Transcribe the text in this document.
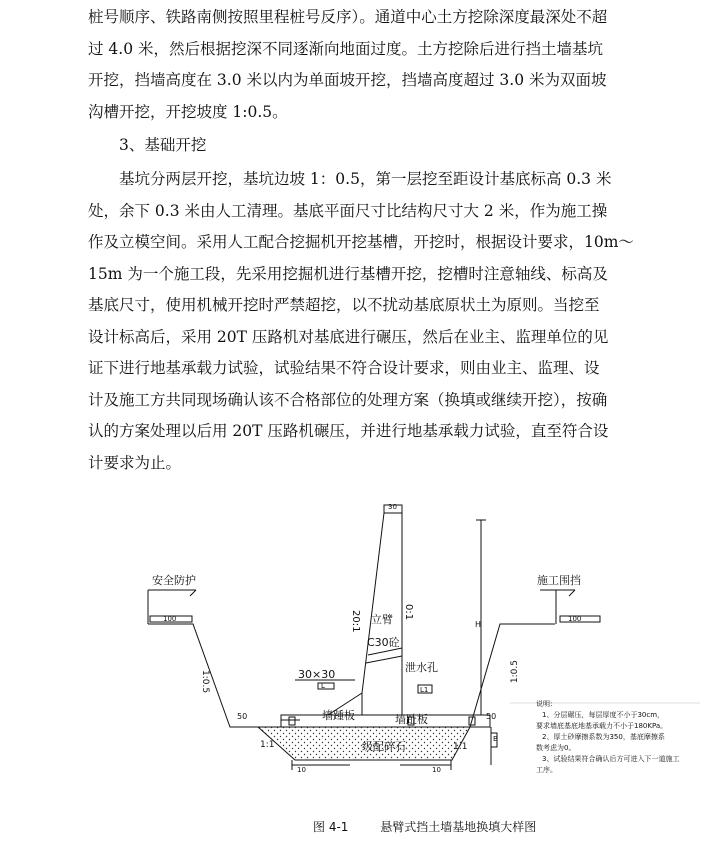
桩号顺序、铁路南侧按照里程桩号反序）。通道中心土方挖除深度最深处不超
过 4.0 米，然后根据挖深不同逐渐向地面过度。土方挖除后进行挡土墙基坑
开挖，挡墙高度在 3.0 米以内为单面坡开挖，挡墙高度超过 3.0 米为双面坡
沟槽开挖，开挖坡度 1:0.5。
3、基础开挖
　　基坑分两层开挖，基坑边坡 1：0.5，第一层挖至距设计基底标高 0.3 米
处，余下 0.3 米由人工清理。基底平面尺寸比结构尺寸大 2 米，作为施工操
作及立模空间。采用人工配合挖掘机开挖基槽，开挖时，根据设计要求，10m～
15m 为一个施工段，先采用挖掘机进行基槽开挖，挖槽时注意轴线、标高及
基底尺寸，使用机械开挖时严禁超挖，以不扰动基底原状土为原则。当挖至
设计标高后，采用 20T 压路机对基底进行碾压，然后在业主、监理单位的见
证下进行地基承载力试验，试验结果不符合设计要求，则由业主、监理、设
计及施工方共同现场确认该不合格部位的处理方案（换填或继续开挖），按确
认的方案处理以后用 20T 压路机碾压，并进行地基承载力试验，直至符合设
计要求为止。
安全防护	施工围挡
100	100
30
20:1	0:1
立臂
C30砼
H
泄水孔
1:0.5	1:0.5
30×30
L	L1
50	50
墙踵板	墙趾板
级配碎石
1:1	1:1
B
10	10
说明:
1、分层碾压，每层厚度不小于30cm，
要求墙底基底地基承载力不小于180KPa。
2、厚土砂摩擦系数为350，基底摩擦系
数考虑为0。
3、试验结果符合确认后方可进入下一道施工
工序。
图 4-1	悬臂式挡土墙基地换填大样图
